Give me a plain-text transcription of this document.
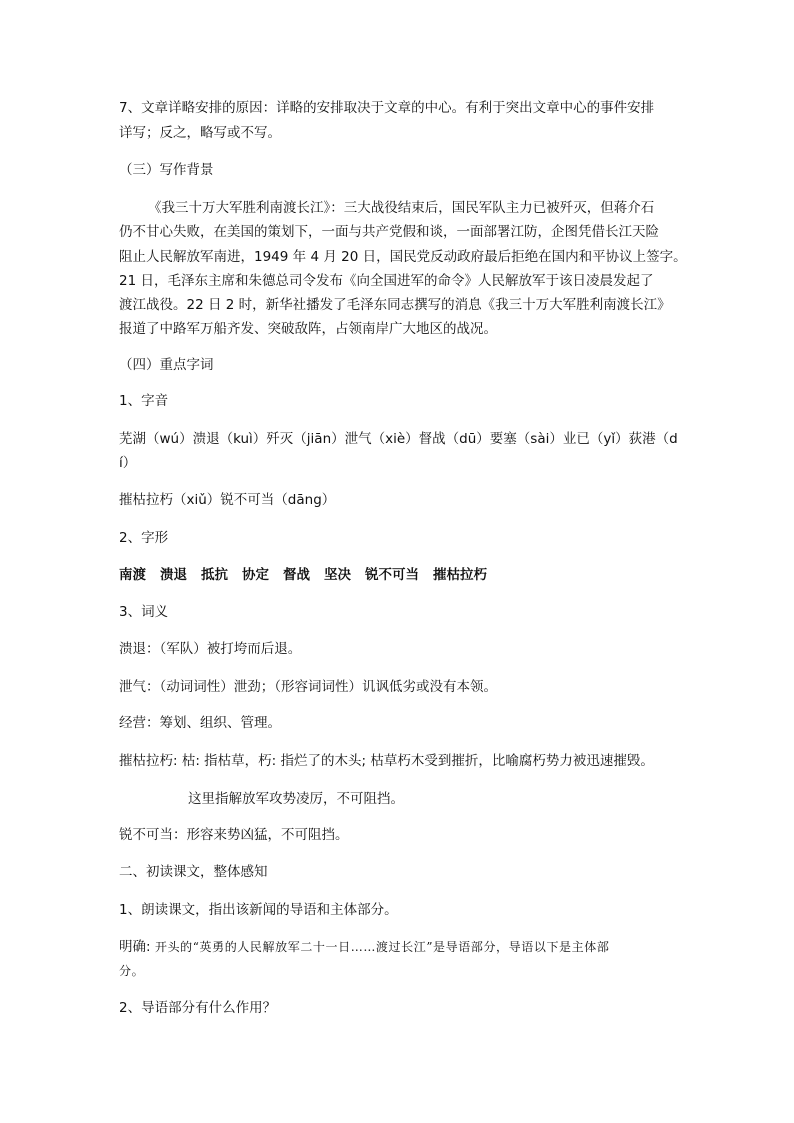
7、文章详略安排的原因：详略的安排取决于文章的中心。有利于突出文章中心的事件安排
详写；反之，略写或不写。
（三）写作背景
《我三十万大军胜利南渡长江》：三大战役结束后，国民军队主力已被歼灭，但蒋介石
仍不甘心失败，在美国的策划下，一面与共产党假和谈，一面部署江防，企图凭借长江天险
阻止人民解放军南进，1949 年 4 月 20 日，国民党反动政府最后拒绝在国内和平协议上签字。
21 日，毛泽东主席和朱德总司令发布《向全国进军的命令》人民解放军于该日凌晨发起了
渡江战役。22 日 2 时，新华社播发了毛泽东同志撰写的消息《我三十万大军胜利南渡长江》
报道了中路军万船齐发、突破敌阵，占领南岸广大地区的战况。
（四）重点字词
1、字音
芜湖（wú）溃退（kuì）歼灭（jiān）泄气（xiè）督战（dū）要塞（sài）业已（yǐ）荻港（d
í）
摧枯拉朽（xiǔ）锐不可当（dāng）
2、字形
南渡 溃退 抵抗 协定 督战 坚决 锐不可当 摧枯拉朽
3、词义
溃退：（军队）被打垮而后退。
泄气：（动词词性）泄劲；（形容词词性）讥讽低劣或没有本领。
经营：筹划、组织、管理。
摧枯拉朽: 枯: 指枯草，朽: 指烂了的木头; 枯草朽木受到摧折，比喻腐朽势力被迅速摧毁。
这里指解放军攻势凌厉，不可阻挡。
锐不可当：形容来势凶猛，不可阻挡。
二、初读课文，整体感知
1、朗读课文，指出该新闻的导语和主体部分。
明确: 开头的“英勇的人民解放军二十一日……渡过长江”是导语部分，导语以下是主体部
分。
2、导语部分有什么作用？
